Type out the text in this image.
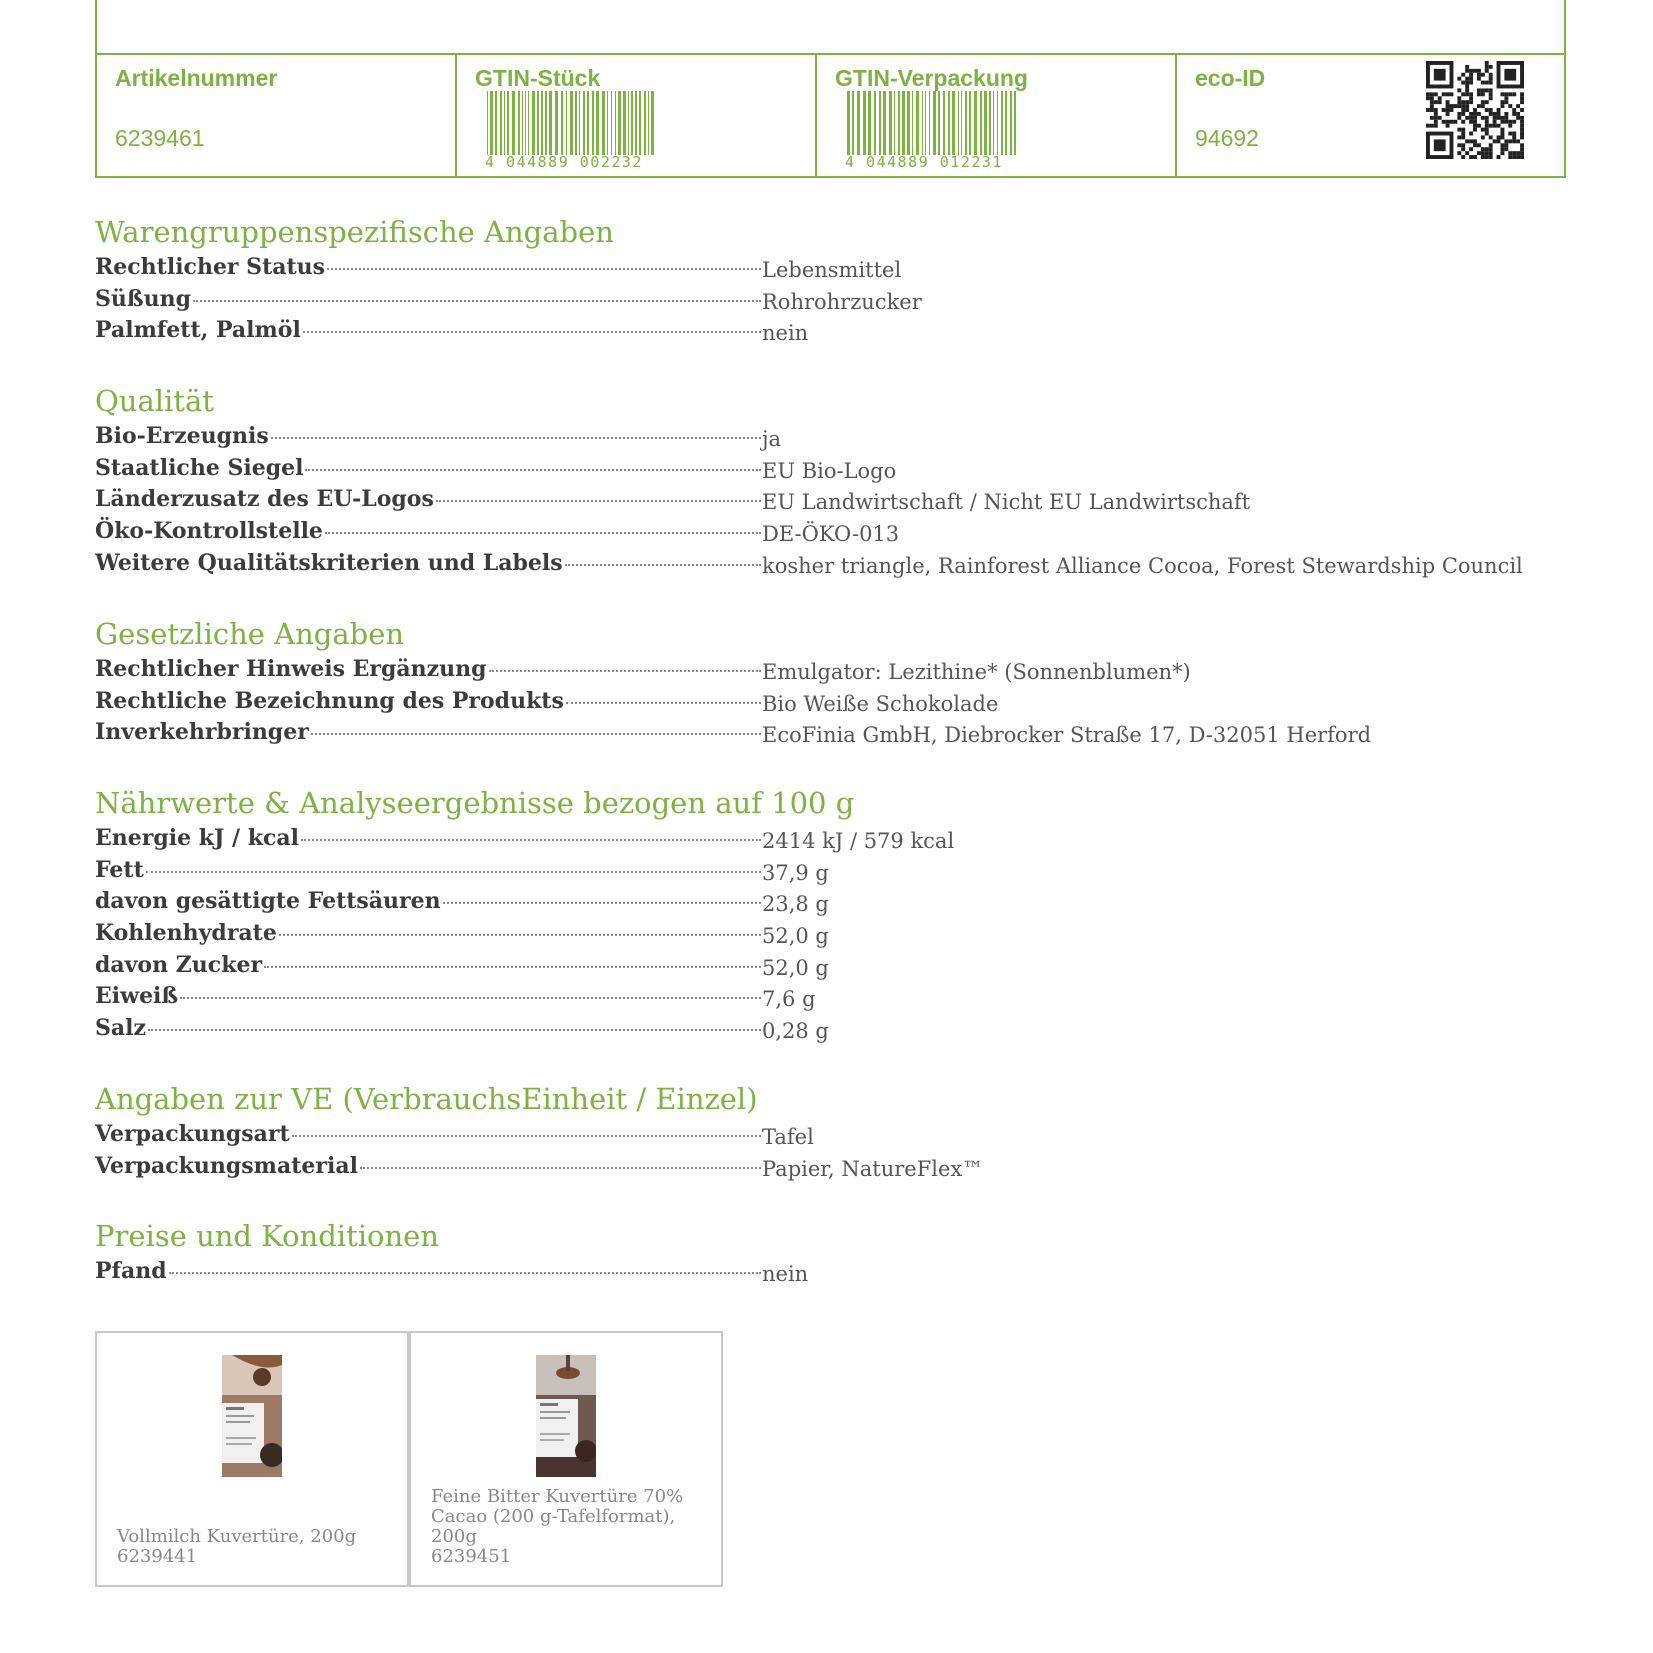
Artikelnummer
6239461
GTIN-Stück
4 044889 002232
GTIN-Verpackung
4 044889 012231
eco-ID
94692
Warengruppenspezifische Angaben
Rechtlicher Status	Lebensmittel
Süßung	Rohrohrzucker
Palmfett, Palmöl	nein
Qualität
Bio-Erzeugnis	ja
Staatliche Siegel	EU Bio-Logo
Länderzusatz des EU-Logos	EU Landwirtschaft / Nicht EU Landwirtschaft
Öko-Kontrollstelle	DE-ÖKO-013
Weitere Qualitätskriterien und Labels	kosher triangle, Rainforest Alliance Cocoa, Forest Stewardship Council
Gesetzliche Angaben
Rechtlicher Hinweis Ergänzung	Emulgator: Lezithine* (Sonnenblumen*)
Rechtliche Bezeichnung des Produkts	Bio Weiße Schokolade
Inverkehrbringer	EcoFinia GmbH, Diebrocker Straße 17, D-32051 Herford
Nährwerte & Analyseergebnisse bezogen auf 100 g
Energie kJ / kcal	2414 kJ / 579 kcal
Fett	37,9 g
davon gesättigte Fettsäuren	23,8 g
Kohlenhydrate	52,0 g
davon Zucker	52,0 g
Eiweiß	7,6 g
Salz	0,28 g
Angaben zur VE (VerbrauchsEinheit / Einzel)
Verpackungsart	Tafel
Verpackungsmaterial	Papier, NatureFlex™
Preise und Konditionen
Pfand	nein
Vollmilch Kuvertüre, 200g
6239441
Feine Bitter Kuvertüre 70% Cacao (200 g-Tafelformat), 200g
6239451
